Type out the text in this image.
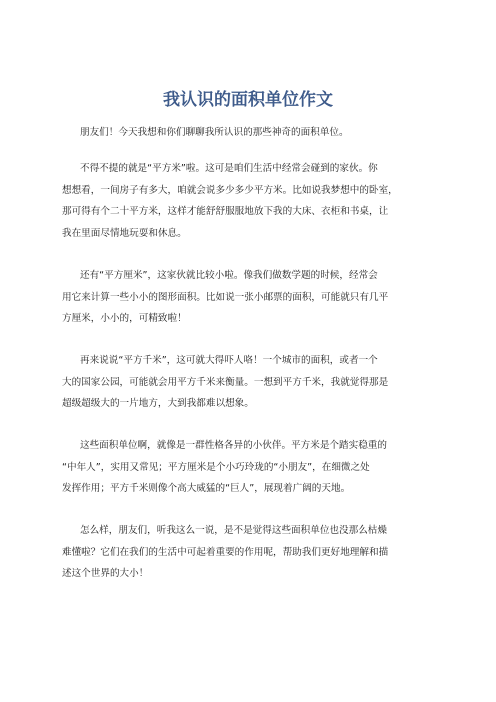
我认识的面积单位作文

朋友们！今天我想和你们聊聊我所认识的那些神奇的面积单位。

不得不提的就是“平方米”啦。这可是咱们生活中经常会碰到的家伙。你
想想看，一间房子有多大，咱就会说多少多少平方米。比如说我梦想中的卧室，
那可得有个二十平方米，这样才能舒舒服服地放下我的大床、衣柜和书桌，让
我在里面尽情地玩耍和休息。

还有“平方厘米”，这家伙就比较小啦。像我们做数学题的时候，经常会
用它来计算一些小小的图形面积。比如说一张小邮票的面积，可能就只有几平
方厘米，小小的，可精致啦！

再来说说“平方千米”，这可就大得吓人咯！一个城市的面积，或者一个
大的国家公园，可能就会用平方千米来衡量。一想到平方千米，我就觉得那是
超级超级大的一片地方，大到我都难以想象。

这些面积单位啊，就像是一群性格各异的小伙伴。平方米是个踏实稳重的
“中年人”，实用又常见；平方厘米是个小巧玲珑的“小朋友”，在细微之处
发挥作用；平方千米则像个高大威猛的“巨人”，展现着广阔的天地。

怎么样，朋友们，听我这么一说，是不是觉得这些面积单位也没那么枯燥
难懂啦？它们在我们的生活中可起着重要的作用呢，帮助我们更好地理解和描
述这个世界的大小！
